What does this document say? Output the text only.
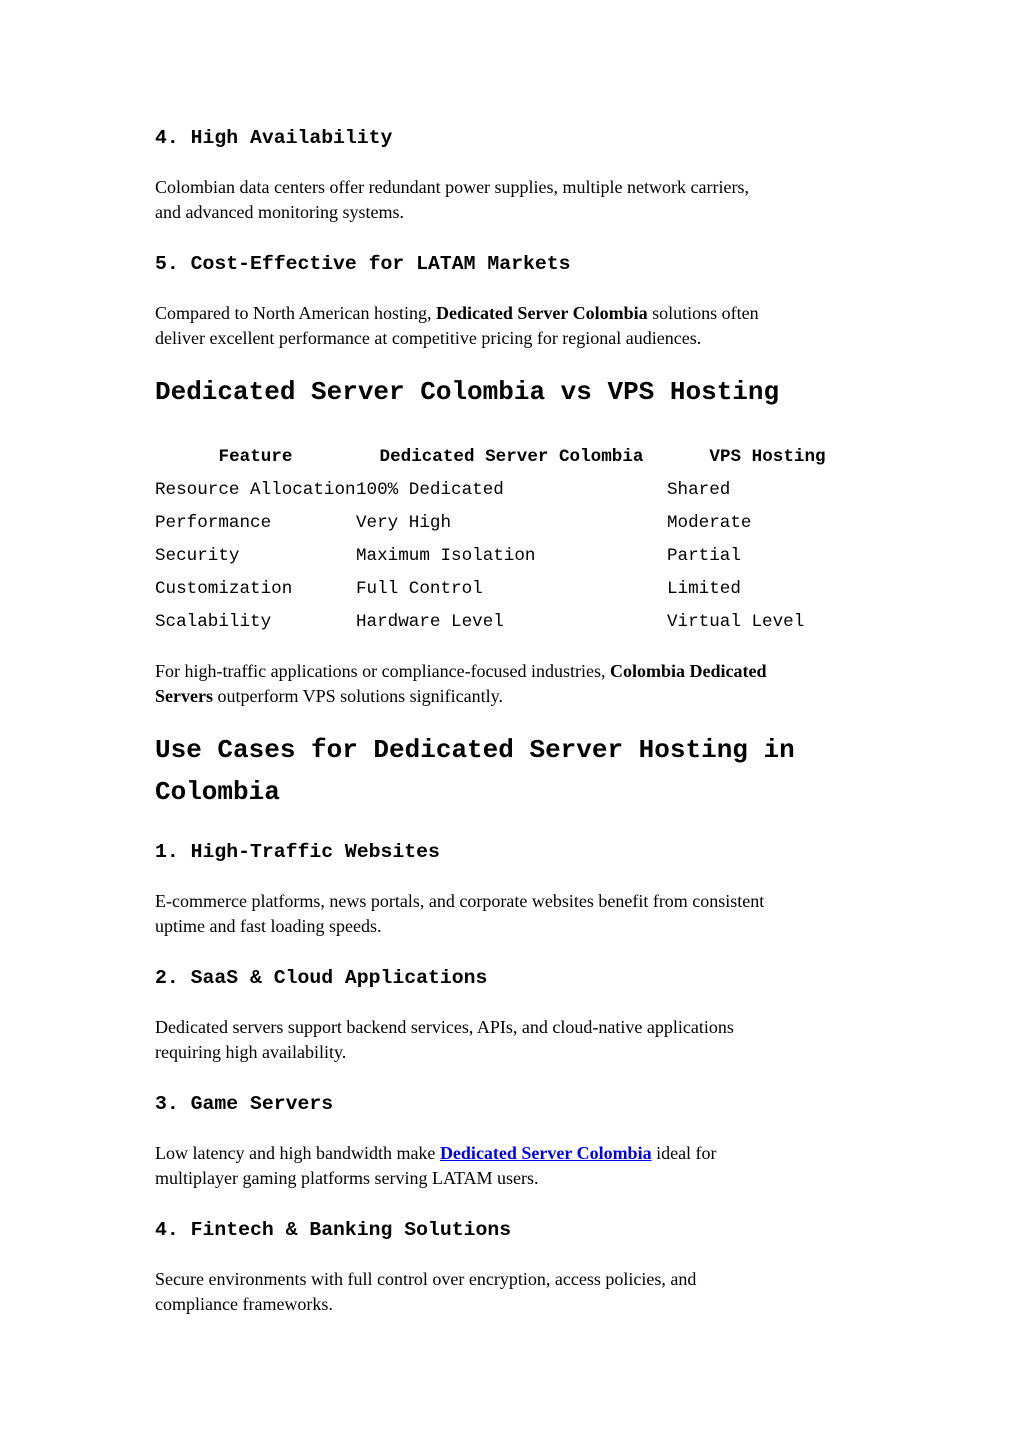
4. High Availability

Colombian data centers offer redundant power supplies, multiple network carriers,
and advanced monitoring systems.

5. Cost-Effective for LATAM Markets

Compared to North American hosting, Dedicated Server Colombia solutions often
deliver excellent performance at competitive pricing for regional audiences.

Dedicated Server Colombia vs VPS Hosting
Feature	Dedicated Server Colombia	VPS Hosting
Resource Allocation	100% Dedicated	Shared
Performance	Very High	Moderate
Security	Maximum Isolation	Partial
Customization	Full Control	Limited
Scalability	Hardware Level	Virtual Level

For high-traffic applications or compliance-focused industries, Colombia Dedicated
Servers outperform VPS solutions significantly.

Use Cases for Dedicated Server Hosting in Colombia
1. High-Traffic Websites

E-commerce platforms, news portals, and corporate websites benefit from consistent
uptime and fast loading speeds.

2. SaaS & Cloud Applications

Dedicated servers support backend services, APIs, and cloud-native applications
requiring high availability.

3. Game Servers

Low latency and high bandwidth make Dedicated Server Colombia ideal for
multiplayer gaming platforms serving LATAM users.

4. Fintech & Banking Solutions

Secure environments with full control over encryption, access policies, and
compliance frameworks.
